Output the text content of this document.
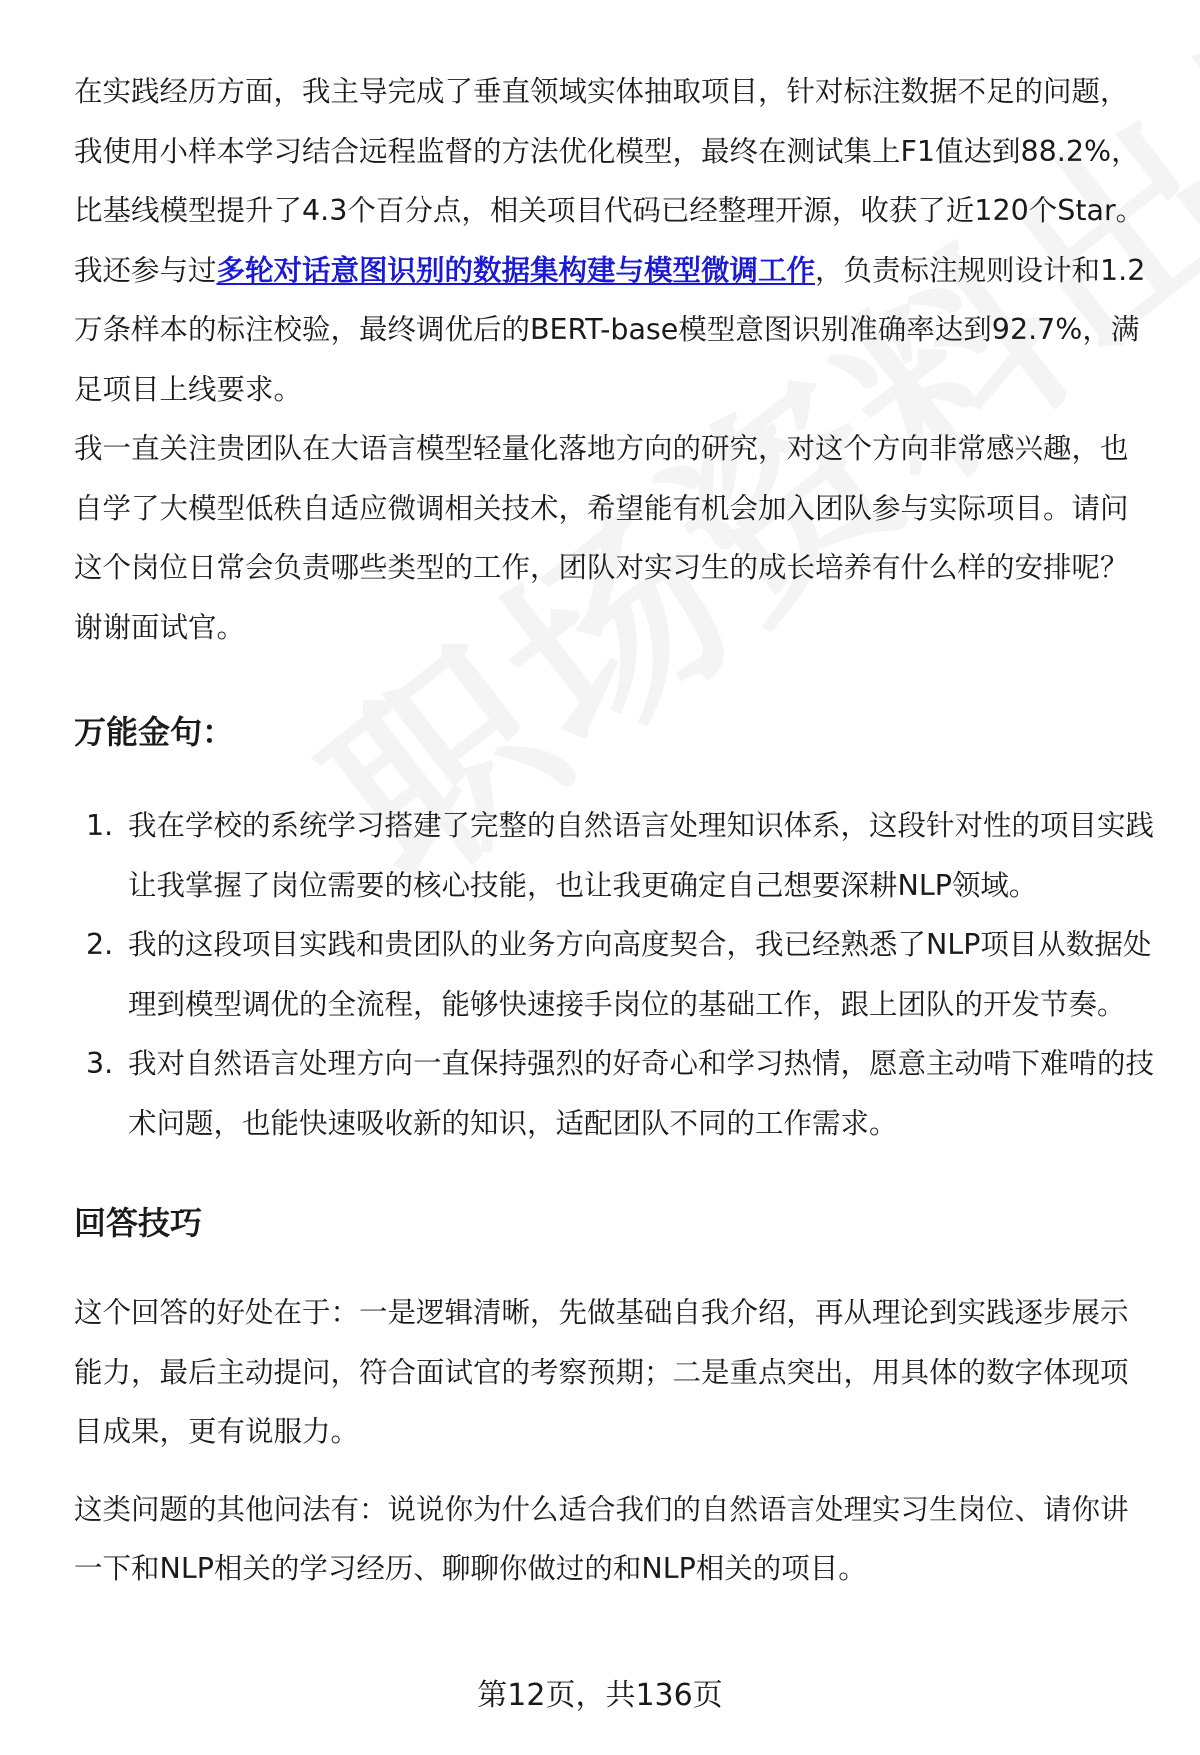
在实践经历方面，我主导完成了垂直领域实体抽取项目，针对标注数据不足的问题，我使用小样本学习结合远程监督的方法优化模型，最终在测试集上F1值达到88.2%，比基线模型提升了4.3个百分点，相关项目代码已经整理开源，收获了近120个Star。我还参与过多轮对话意图识别的数据集构建与模型微调工作，负责标注规则设计和1.2万条样本的标注校验，最终调优后的BERT-base模型意图识别准确率达到92.7%，满足项目上线要求。

我一直关注贵团队在大语言模型轻量化落地方向的研究，对这个方向非常感兴趣，也自学了大模型低秩自适应微调相关技术，希望能有机会加入团队参与实际项目。请问这个岗位日常会负责哪些类型的工作，团队对实习生的成长培养有什么样的安排呢？谢谢面试官。

万能金句：
1. 我在学校的系统学习搭建了完整的自然语言处理知识体系，这段针对性的项目实践让我掌握了岗位需要的核心技能，也让我更确定自己想要深耕NLP领域。
2. 我的这段项目实践和贵团队的业务方向高度契合，我已经熟悉了NLP项目从数据处理到模型调优的全流程，能够快速接手岗位的基础工作，跟上团队的开发节奏。
3. 我对自然语言处理方向一直保持强烈的好奇心和学习热情，愿意主动啃下难啃的技术问题，也能快速吸收新的知识，适配团队不同的工作需求。
回答技巧

这个回答的好处在于：一是逻辑清晰，先做基础自我介绍，再从理论到实践逐步展示能力，最后主动提问，符合面试官的考察预期；二是重点突出，用具体的数字体现项目成果，更有说服力。

这类问题的其他问法有：说说你为什么适合我们的自然语言处理实习生岗位、请你讲一下和NLP相关的学习经历、聊聊你做过的和NLP相关的项目。

第12页，共136页
